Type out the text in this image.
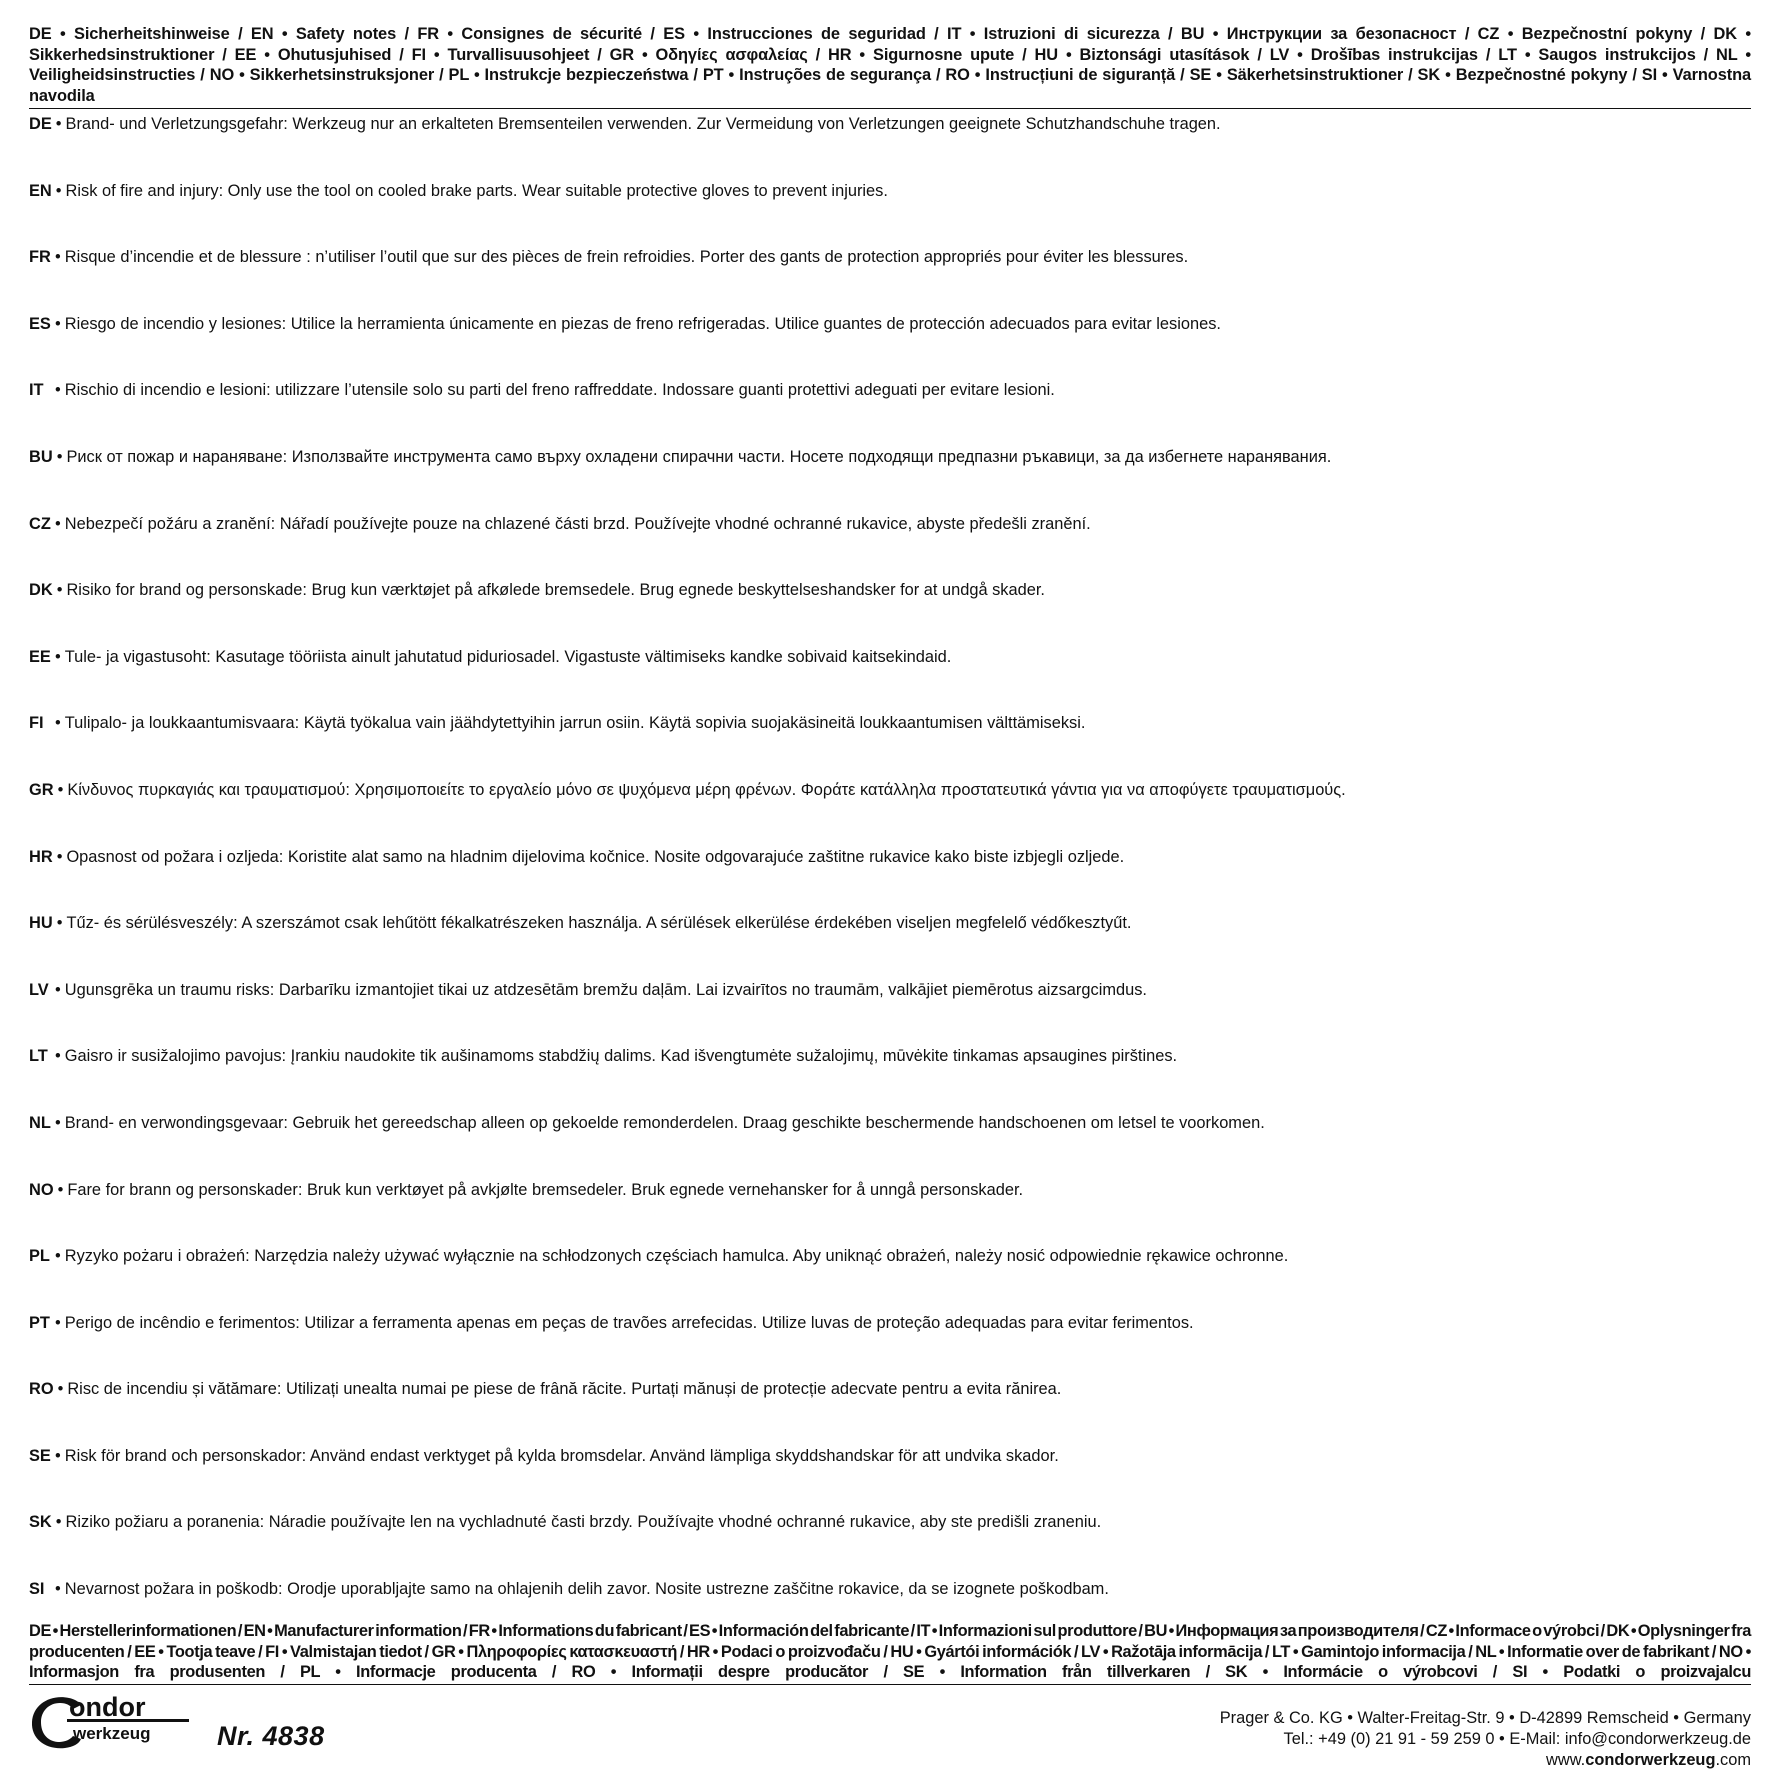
DE • Sicherheitshinweise / EN • Safety notes / FR • Consignes de sécurité / ES • Instrucciones de seguridad / IT • Istruzioni di sicurezza / BU • Инструкции за безопасност / CZ • Bezpečnostní pokyny / DK • Sikkerhedsinstruktioner / EE • Ohutusjuhised / FI • Turvallisuusohjeet / GR • Οδηγίες ασφαλείας / HR • Sigurnosne upute / HU • Biztonsági utasítások / LV • Drošības instrukcijas / LT • Saugos instrukcijos / NL • Veiligheidsinstructies / NO • Sikkerhetsinstruksjoner / PL • Instrukcje bezpieczeństwa / PT • Instruções de segurança / RO • Instrucțiuni de siguranță / SE • Säkerhetsinstruktioner / SK • Bezpečnostné pokyny / SI • Varnostna navodila

DE • Brand- und Verletzungsgefahr: Werkzeug nur an erkalteten Bremsenteilen verwenden. Zur Vermeidung von Verletzungen geeignete Schutzhandschuhe tragen.
EN • Risk of fire and injury: Only use the tool on cooled brake parts. Wear suitable protective gloves to prevent injuries.
FR • Risque d’incendie et de blessure : n’utiliser l’outil que sur des pièces de frein refroidies. Porter des gants de protection appropriés pour éviter les blessures.
ES • Riesgo de incendio y lesiones: Utilice la herramienta únicamente en piezas de freno refrigeradas. Utilice guantes de protección adecuados para evitar lesiones.
IT • Rischio di incendio e lesioni: utilizzare l’utensile solo su parti del freno raffreddate. Indossare guanti protettivi adeguati per evitare lesioni.
BU • Риск от пожар и нараняване: Използвайте инструмента само върху охладени спирачни части. Носете подходящи предпазни ръкавици, за да избегнете наранявания.
CZ • Nebezpečí požáru a zranění: Nářadí používejte pouze na chlazené části brzd. Používejte vhodné ochranné rukavice, abyste předešli zranění.
DK • Risiko for brand og personskade: Brug kun værktøjet på afkølede bremsedele. Brug egnede beskyttelseshandsker for at undgå skader.
EE • Tule- ja vigastusoht: Kasutage tööriista ainult jahutatud piduriosadel. Vigastuste vältimiseks kandke sobivaid kaitsekindaid.
FI • Tulipalo- ja loukkaantumisvaara: Käytä työkalua vain jäähdytettyihin jarrun osiin. Käytä sopivia suojakäsineitä loukkaantumisen välttämiseksi.
GR • Κίνδυνος πυρκαγιάς και τραυματισμού: Χρησιμοποιείτε το εργαλείο μόνο σε ψυχόμενα μέρη φρένων. Φοράτε κατάλληλα προστατευτικά γάντια για να αποφύγετε τραυματισμούς.
HR • Opasnost od požara i ozljeda: Koristite alat samo na hladnim dijelovima kočnice. Nosite odgovarajuće zaštitne rukavice kako biste izbjegli ozljede.
HU • Tűz- és sérülésveszély: A szerszámot csak lehűtött fékalkatrészeken használja. A sérülések elkerülése érdekében viseljen megfelelő védőkesztyűt.
LV • Ugunsgrēka un traumu risks: Darbarīku izmantojiet tikai uz atdzesētām bremžu daļām. Lai izvairītos no traumām, valkājiet piemērotus aizsargcimdus.
LT • Gaisro ir susižalojimo pavojus: Įrankiu naudokite tik aušinamoms stabdžių dalims. Kad išvengtumėte sužalojimų, mūvėkite tinkamas apsaugines pirštines.
NL • Brand- en verwondingsgevaar: Gebruik het gereedschap alleen op gekoelde remonderdelen. Draag geschikte beschermende handschoenen om letsel te voorkomen.
NO • Fare for brann og personskader: Bruk kun verktøyet på avkjølte bremsedeler. Bruk egnede vernehansker for å unngå personskader.
PL • Ryzyko pożaru i obrażeń: Narzędzia należy używać wyłącznie na schłodzonych częściach hamulca. Aby uniknąć obrażeń, należy nosić odpowiednie rękawice ochronne.
PT • Perigo de incêndio e ferimentos: Utilizar a ferramenta apenas em peças de travões arrefecidas. Utilize luvas de proteção adequadas para evitar ferimentos.
RO • Risc de incendiu și vătămare: Utilizați unealta numai pe piese de frână răcite. Purtați mănuși de protecție adecvate pentru a evita rănirea.
SE • Risk för brand och personskador: Använd endast verktyget på kylda bromsdelar. Använd lämpliga skyddshandskar för att undvika skador.
SK • Riziko požiaru a poranenia: Náradie používajte len na vychladnuté časti brzdy. Používajte vhodné ochranné rukavice, aby ste predišli zraneniu.
SI • Nevarnost požara in poškodb: Orodje uporabljajte samo na ohlajenih delih zavor. Nosite ustrezne zaščitne rokavice, da se izognete poškodbam.

DE • Herstellerinformationen / EN • Manufacturer information / FR • Informations du fabricant / ES • Información del fabricante / IT • Informazioni sul produttore / BU • Информация за производителя / CZ • Informace o výrobci / DK • Oplysninger fra producenten / EE • Tootja teave / FI • Valmistajan tiedot / GR • Πληροφορίες κατασκευαστή / HR • Podaci o proizvođaču / HU • Gyártói információk / LV • Ražotāja informācija / LT • Gamintojo informacija / NL • Informatie over de fabrikant / NO • Informasjon fra produsenten / PL • Informacje producenta / RO • Informații despre producător / SE • Information från tillverkaren / SK • Informácie o výrobcovi / SI • Podatki o proizvajalcu

ondor
werkzeug Nr. 4838
Prager & Co. KG • Walter-Freitag-Str. 9 • D-42899 Remscheid • Germany
Tel.: +49 (0) 21 91 - 59 259 0 • E-Mail: info@condorwerkzeug.de
www.condorwerkzeug.com
